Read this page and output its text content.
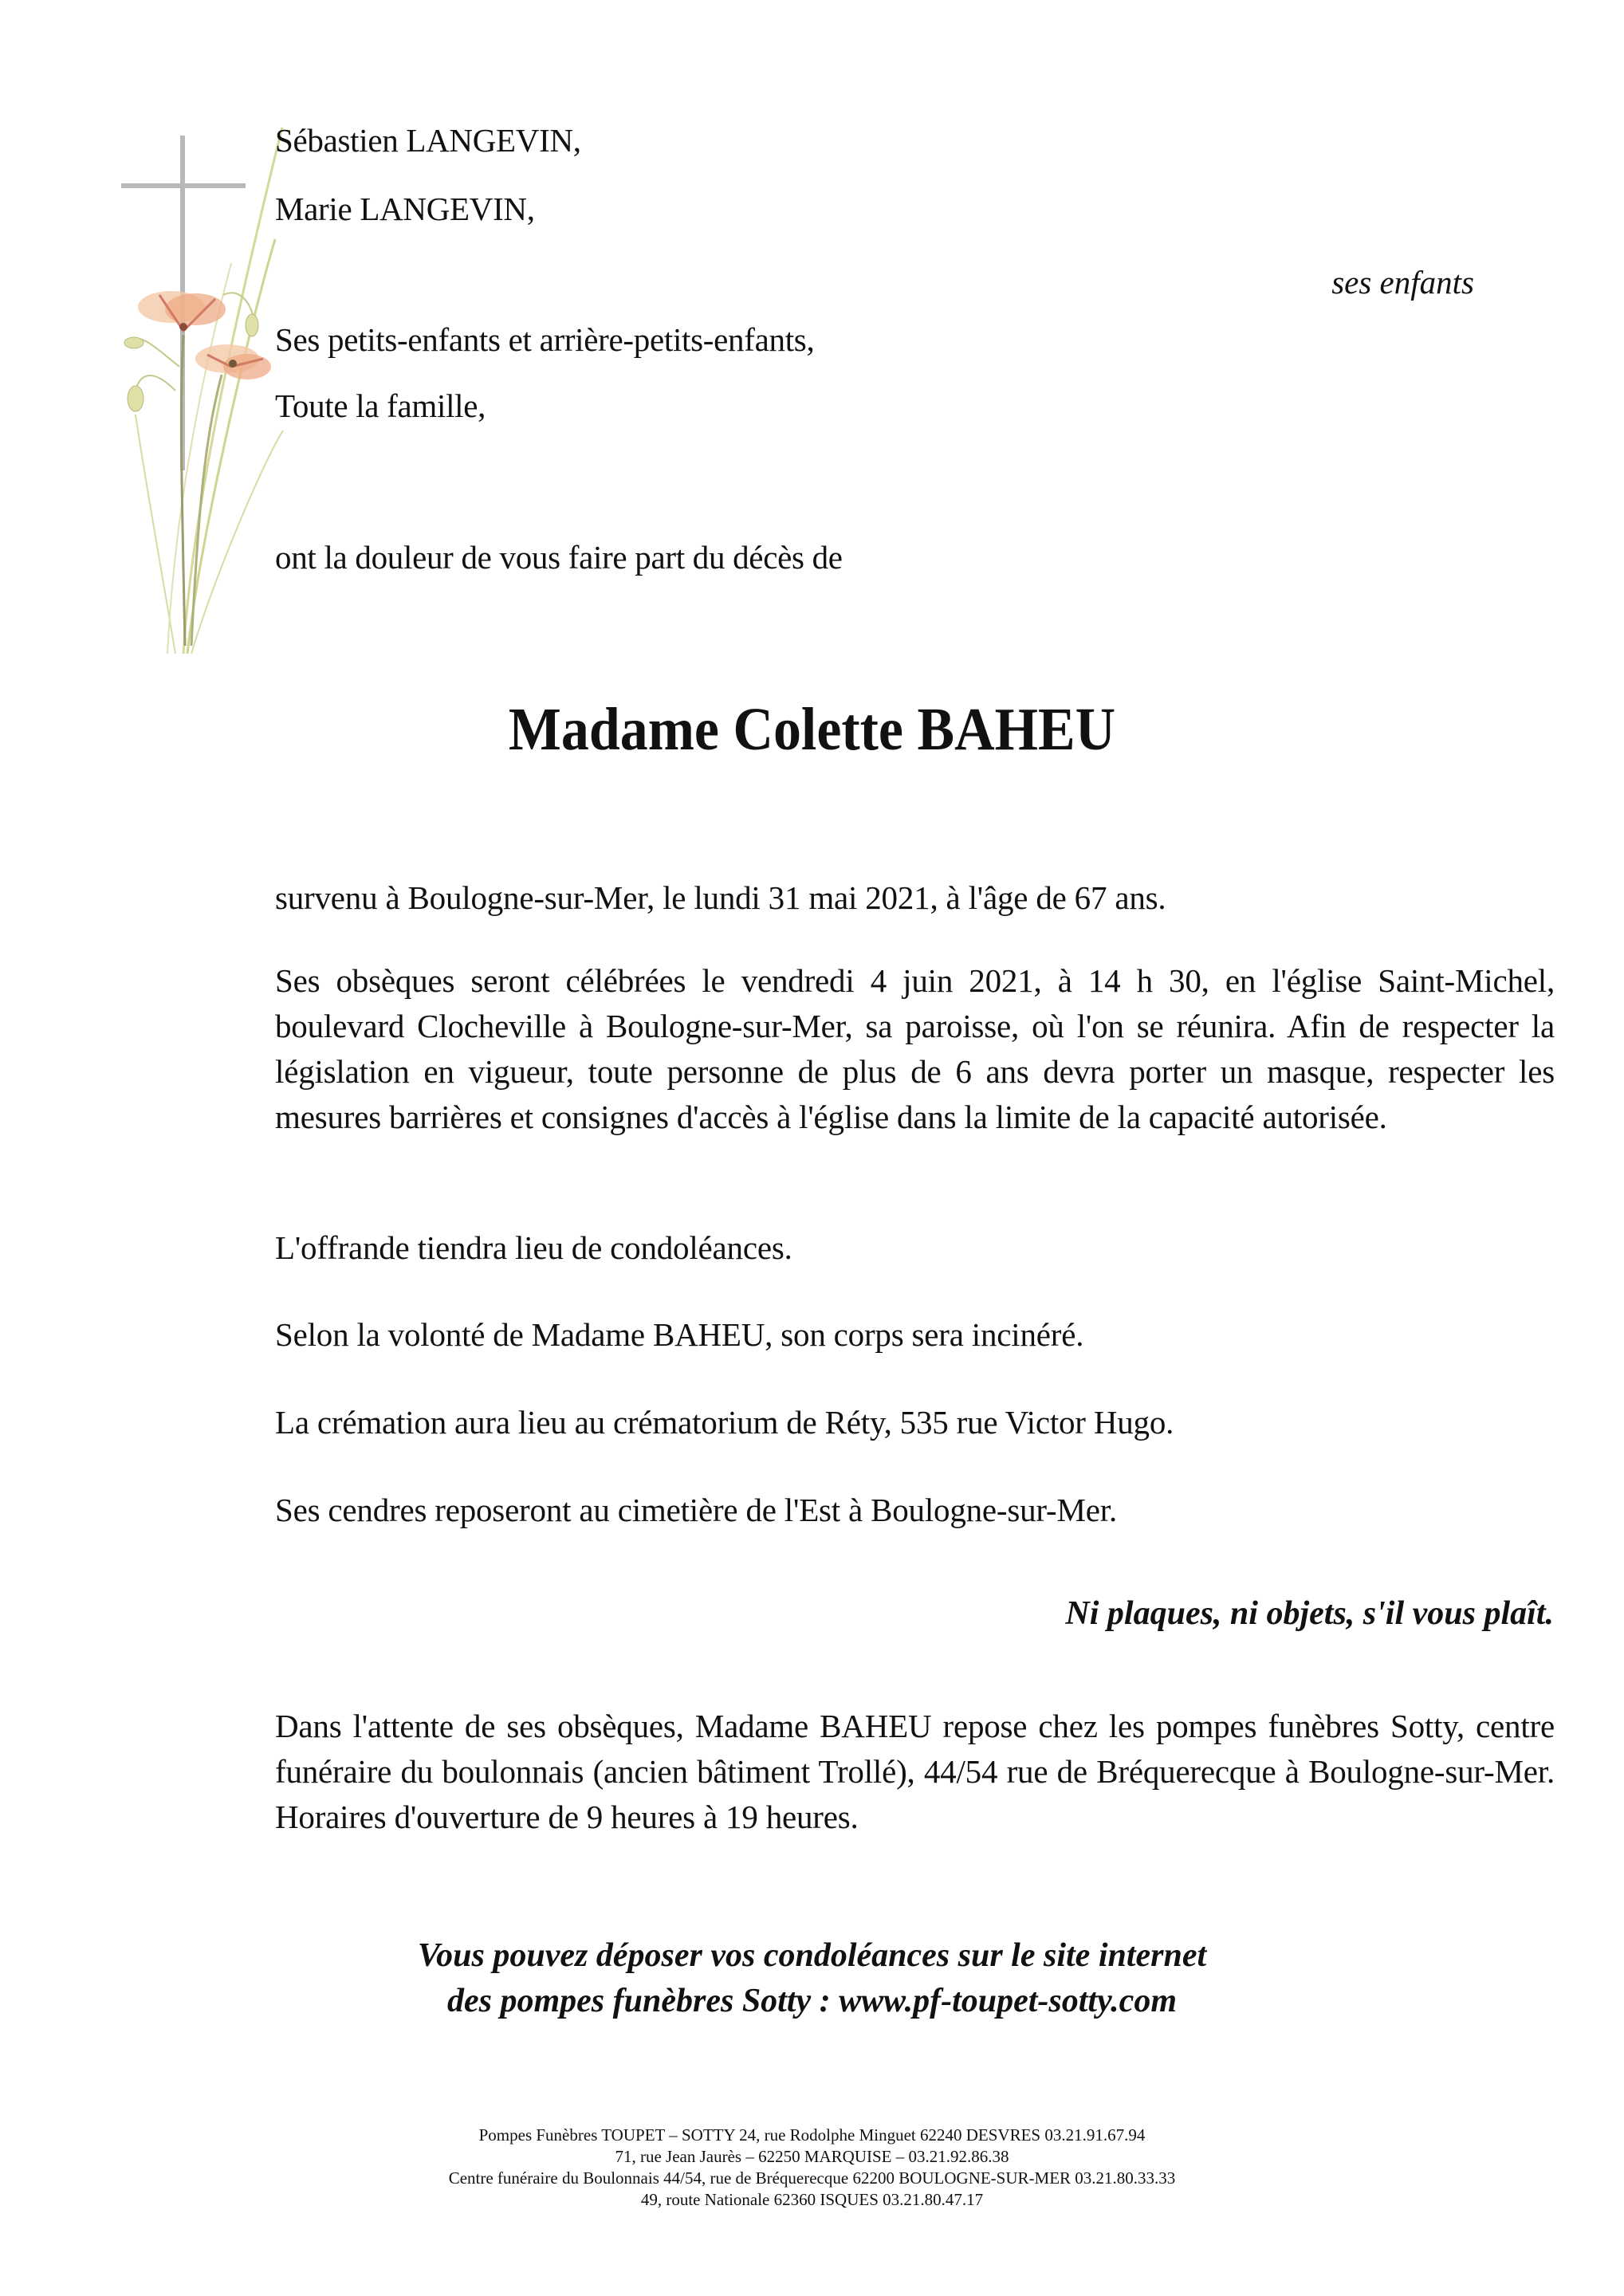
Sébastien LANGEVIN,
Marie LANGEVIN,
ses enfants
Ses petits-enfants et arrière-petits-enfants,
Toute la famille,
ont la douleur de vous faire part du décès de
Madame Colette BAHEU
survenu à Boulogne-sur-Mer, le lundi 31 mai 2021, à l'âge de 67 ans.
Ses obsèques seront célébrées le vendredi 4 juin 2021, à 14 h 30, en l'église Saint-Michel, boulevard Clocheville à Boulogne-sur-Mer, sa paroisse, où l'on se réunira. Afin de respecter la législation en vigueur, toute personne de plus de 6 ans devra porter un masque, respecter les mesures barrières et consignes d'accès à l'église dans la limite de la capacité autorisée.
L'offrande tiendra lieu de condoléances.
Selon la volonté de Madame BAHEU, son corps sera incinéré.
La crémation aura lieu au crématorium de Réty, 535 rue Victor Hugo.
Ses cendres reposeront au cimetière de l'Est à Boulogne-sur-Mer.
Ni plaques, ni objets, s'il vous plaît.
Dans l'attente de ses obsèques, Madame BAHEU repose chez les pompes funèbres Sotty, centre funéraire du boulonnais (ancien bâtiment Trollé), 44/54 rue de Bréquerecque à Boulogne-sur-Mer. Horaires d'ouverture de 9 heures à 19 heures.
Vous pouvez déposer vos condoléances sur le site internet
des pompes funèbres Sotty : www.pf-toupet-sotty.com
Pompes Funèbres TOUPET – SOTTY 24, rue Rodolphe Minguet 62240 DESVRES 03.21.91.67.94
71, rue Jean Jaurès – 62250 MARQUISE – 03.21.92.86.38
Centre funéraire du Boulonnais 44/54, rue de Bréquerecque 62200 BOULOGNE-SUR-MER 03.21.80.33.33
49, route Nationale 62360 ISQUES 03.21.80.47.17
